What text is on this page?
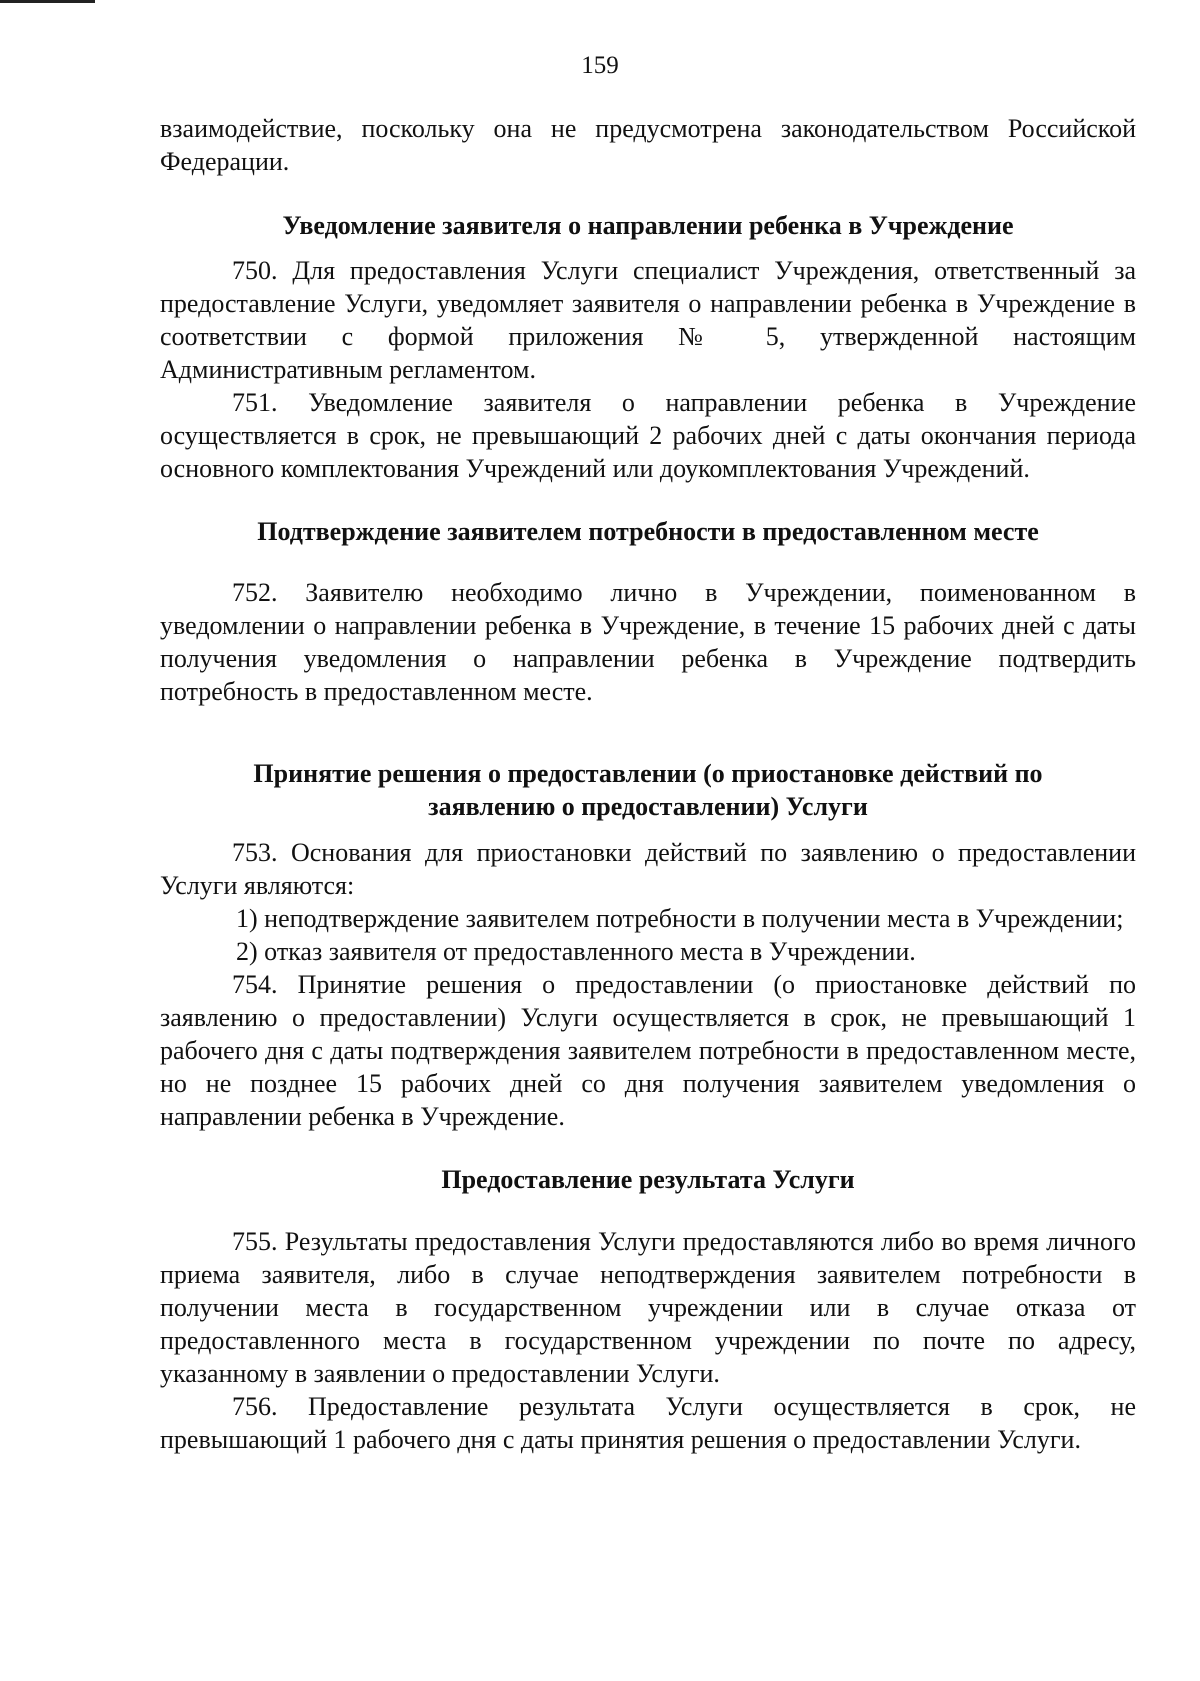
159

взаимодействие, поскольку она не предусмотрена законодательством Российской Федерации.

Уведомление заявителя о направлении ребенка в Учреждение

750. Для предоставления Услуги специалист Учреждения, ответственный за предоставление Услуги, уведомляет заявителя о направлении ребенка в Учреждение в соответствии с формой приложения № 5, утвержденной настоящим Административным регламентом.

751. Уведомление заявителя о направлении ребенка в Учреждение осуществляется в срок, не превышающий 2 рабочих дней с даты окончания периода основного комплектования Учреждений или доукомплектования Учреждений.

Подтверждение заявителем потребности в предоставленном месте

752. Заявителю необходимо лично в Учреждении, поименованном в уведомлении о направлении ребенка в Учреждение, в течение 15 рабочих дней с даты получения уведомления о направлении ребенка в Учреждение подтвердить потребность в предоставленном месте.

Принятие решения о предоставлении (о приостановке действий по
заявлению о предоставлении) Услуги

753. Основания для приостановки действий по заявлению о предоставлении Услуги являются:

1) неподтверждение заявителем потребности в получении места в Учреждении;

2) отказ заявителя от предоставленного места в Учреждении.

754. Принятие решения о предоставлении (о приостановке действий по заявлению о предоставлении) Услуги осуществляется в срок, не превышающий 1 рабочего дня с даты подтверждения заявителем потребности в предоставленном месте, но не позднее 15 рабочих дней со дня получения заявителем уведомления о направлении ребенка в Учреждение.

Предоставление результата Услуги

755. Результаты предоставления Услуги предоставляются либо во время личного приема заявителя, либо в случае неподтверждения заявителем потребности в получении места в государственном учреждении или в случае отказа от предоставленного места в государственном учреждении по почте по адресу, указанному в заявлении о предоставлении Услуги.

756. Предоставление результата Услуги осуществляется в срок, не превышающий 1 рабочего дня с даты принятия решения о предоставлении Услуги.
